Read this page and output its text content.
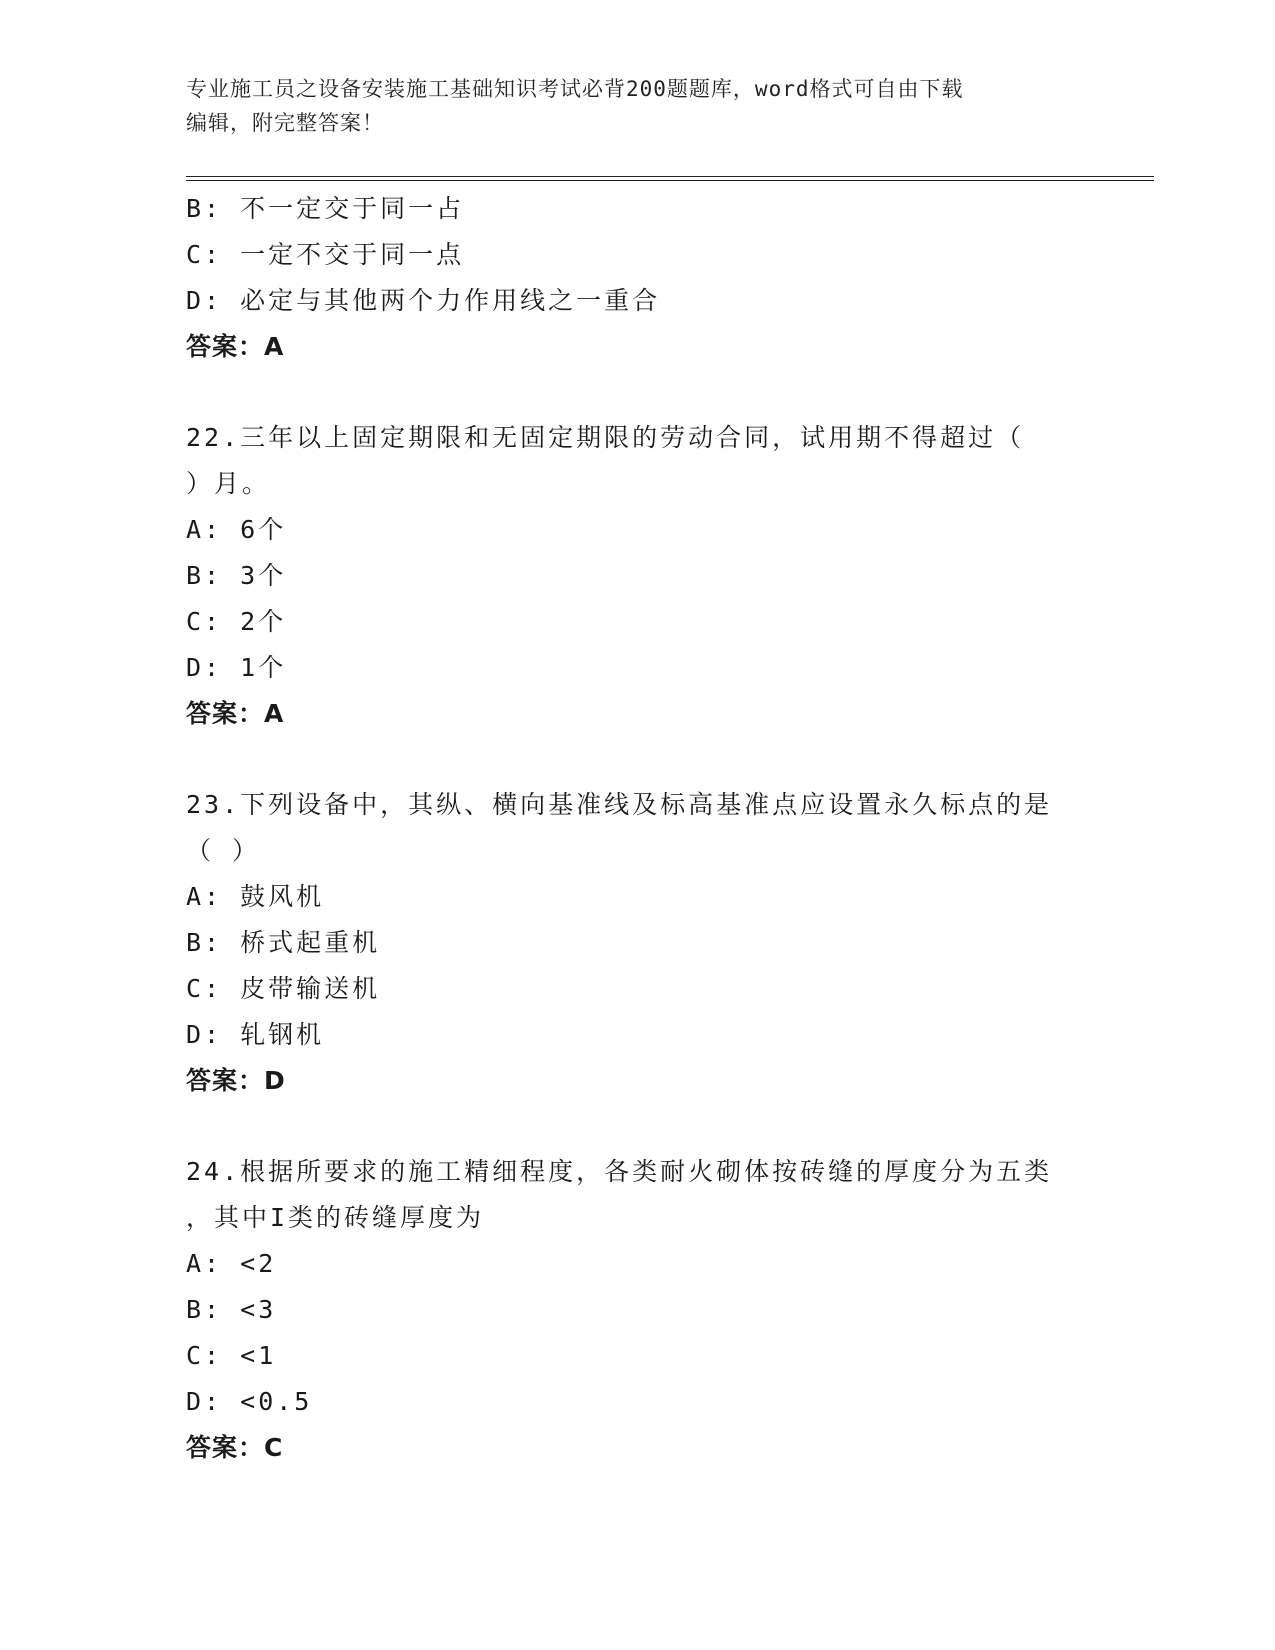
专业施工员之设备安装施工基础知识考试必背200题题库，word格式可自由下载
编辑，附完整答案！
B: 不一定交于同一占
C: 一定不交于同一点
D: 必定与其他两个力作用线之一重合
答案：A
22.三年以上固定期限和无固定期限的劳动合同，试用期不得超过（
）月。
A: 6个
B: 3个
C: 2个
D: 1个
答案：A
23.下列设备中，其纵、横向基准线及标高基准点应设置永久标点的是
（ ）
A: 鼓风机
B: 桥式起重机
C: 皮带输送机
D: 轧钢机
答案：D
24.根据所要求的施工精细程度，各类耐火砌体按砖缝的厚度分为五类
，其中I类的砖缝厚度为
A: <2
B: <3
C: <1
D: <0.5
答案：C
